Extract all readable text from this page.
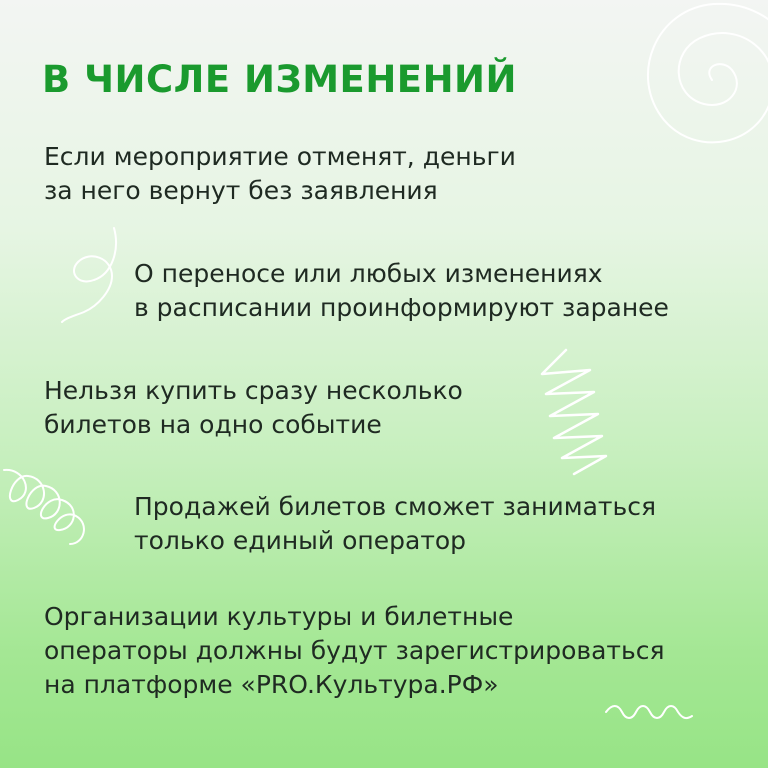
В ЧИСЛЕ ИЗМЕНЕНИЙ
Если мероприятие отменят, деньги
за него вернут без заявления
О переносе или любых изменениях
в расписании проинформируют заранее
Нельзя купить сразу несколько
билетов на одно событие
Продажей билетов сможет заниматься
только единый оператор
Организации культуры и билетные
операторы должны будут зарегистрироваться
на платформе «PRO.Культура.РФ»
